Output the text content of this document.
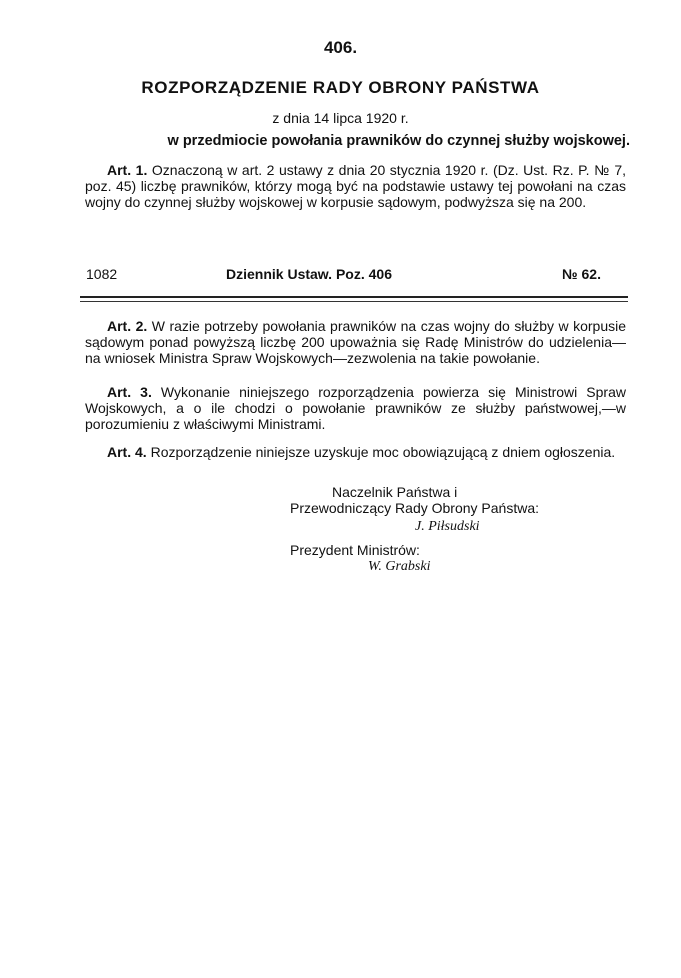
406.
ROZPORZĄDZENIE RADY OBRONY PAŃSTWA
z dnia 14 lipca 1920 r.
w przedmiocie powołania prawników do czynnej służby wojskowej.
Art. 1. Oznaczoną w art. 2 ustawy z dnia 20 stycznia 1920 r. (Dz. Ust. Rz. P. № 7, poz. 45) liczbę prawników, którzy mogą być na podstawie ustawy tej powołani na czas wojny do czynnej służby wojskowej w korpusie sądowym, podwyższa się na 200.
1082	Dziennik Ustaw. Poz. 406	№ 62.
Art. 2. W razie potrzeby powołania prawników na czas wojny do służby w korpusie sądowym ponad powyższą liczbę 200 upoważnia się Radę Ministrów do udzielenia—na wniosek Ministra Spraw Wojskowych—zezwolenia na takie powołanie.
Art. 3. Wykonanie niniejszego rozporządzenia powierza się Ministrowi Spraw Wojskowych, a o ile chodzi o powołanie prawników ze służby państwowej,—w porozumieniu z właściwymi Ministrami.
Art. 4. Rozporządzenie niniejsze uzyskuje moc obowiązującą z dniem ogłoszenia.
Naczelnik Państwa i
Przewodniczący Rady Obrony Państwa:
J. Piłsudski
Prezydent Ministrów:
W. Grabski
